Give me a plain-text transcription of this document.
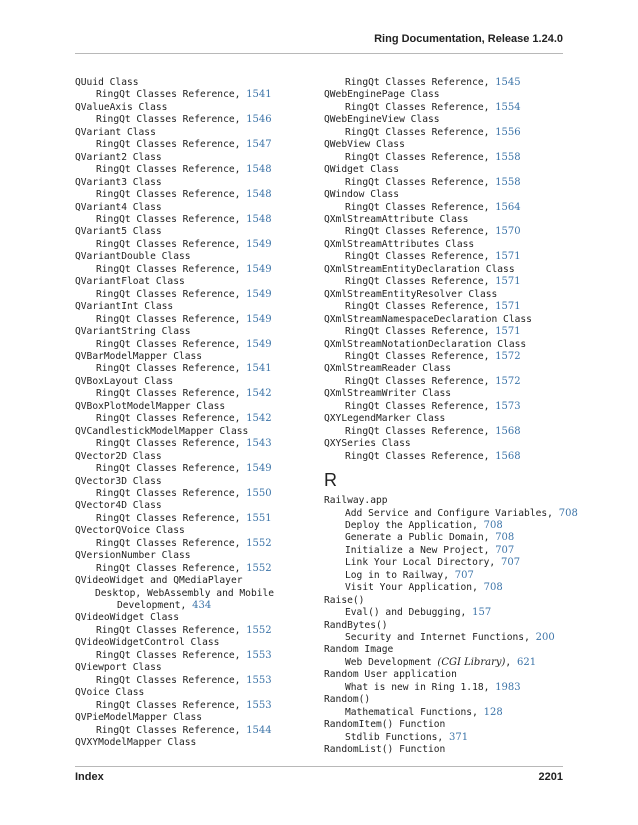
Ring Documentation, Release 1.24.0
QUuid Class
RingQt Classes Reference, 1541
QValueAxis Class
RingQt Classes Reference, 1546
QVariant Class
RingQt Classes Reference, 1547
QVariant2 Class
RingQt Classes Reference, 1548
QVariant3 Class
RingQt Classes Reference, 1548
QVariant4 Class
RingQt Classes Reference, 1548
QVariant5 Class
RingQt Classes Reference, 1549
QVariantDouble Class
RingQt Classes Reference, 1549
QVariantFloat Class
RingQt Classes Reference, 1549
QVariantInt Class
RingQt Classes Reference, 1549
QVariantString Class
RingQt Classes Reference, 1549
QVBarModelMapper Class
RingQt Classes Reference, 1541
QVBoxLayout Class
RingQt Classes Reference, 1542
QVBoxPlotModelMapper Class
RingQt Classes Reference, 1542
QVCandlestickModelMapper Class
RingQt Classes Reference, 1543
QVector2D Class
RingQt Classes Reference, 1549
QVector3D Class
RingQt Classes Reference, 1550
QVector4D Class
RingQt Classes Reference, 1551
QVectorQVoice Class
RingQt Classes Reference, 1552
QVersionNumber Class
RingQt Classes Reference, 1552
QVideoWidget and QMediaPlayer
Desktop, WebAssembly and Mobile
Development, 434
QVideoWidget Class
RingQt Classes Reference, 1552
QVideoWidgetControl Class
RingQt Classes Reference, 1553
QViewport Class
RingQt Classes Reference, 1553
QVoice Class
RingQt Classes Reference, 1553
QVPieModelMapper Class
RingQt Classes Reference, 1544
QVXYModelMapper Class
RingQt Classes Reference, 1545
QWebEnginePage Class
RingQt Classes Reference, 1554
QWebEngineView Class
RingQt Classes Reference, 1556
QWebView Class
RingQt Classes Reference, 1558
QWidget Class
RingQt Classes Reference, 1558
QWindow Class
RingQt Classes Reference, 1564
QXmlStreamAttribute Class
RingQt Classes Reference, 1570
QXmlStreamAttributes Class
RingQt Classes Reference, 1571
QXmlStreamEntityDeclaration Class
RingQt Classes Reference, 1571
QXmlStreamEntityResolver Class
RingQt Classes Reference, 1571
QXmlStreamNamespaceDeclaration Class
RingQt Classes Reference, 1571
QXmlStreamNotationDeclaration Class
RingQt Classes Reference, 1572
QXmlStreamReader Class
RingQt Classes Reference, 1572
QXmlStreamWriter Class
RingQt Classes Reference, 1573
QXYLegendMarker Class
RingQt Classes Reference, 1568
QXYSeries Class
RingQt Classes Reference, 1568
R
Railway.app
Add Service and Configure Variables, 708
Deploy the Application, 708
Generate a Public Domain, 708
Initialize a New Project, 707
Link Your Local Directory, 707
Log in to Railway, 707
Visit Your Application, 708
Raise()
Eval() and Debugging, 157
RandBytes()
Security and Internet Functions, 200
Random Image
Web Development (CGI Library), 621
Random User application
What is new in Ring 1.18, 1983
Random()
Mathematical Functions, 128
RandomItem() Function
Stdlib Functions, 371
RandomList() Function
Index	2201
